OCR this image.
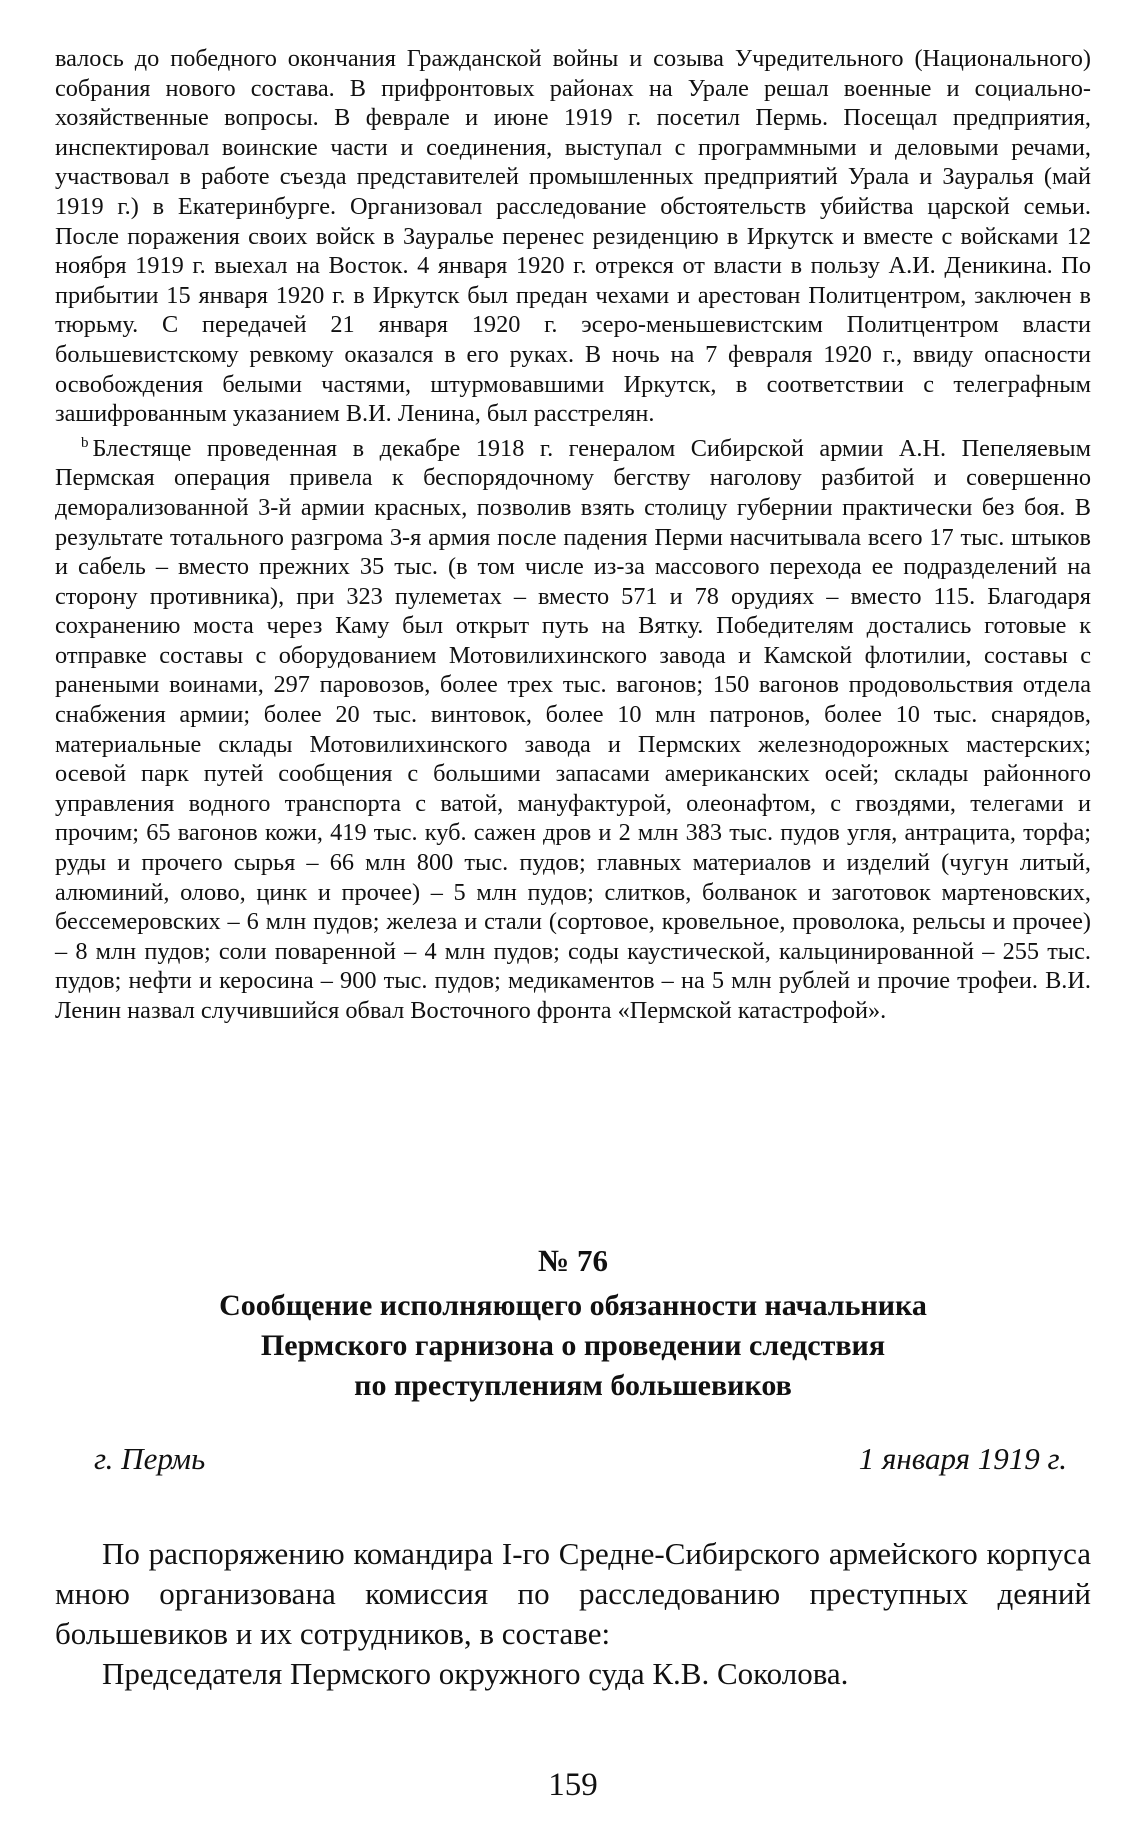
валось до победного окончания Гражданской войны и созыва Учредительного (Национального) собрания нового состава. В прифронтовых районах на Урале решал военные и социально-хозяйственные вопросы. В феврале и июне 1919 г. посетил Пермь. Посещал предприятия, инспектировал воинские части и соединения, выступал с программными и деловыми речами, участвовал в работе съезда представителей промышленных предприятий Урала и Зауралья (май 1919 г.) в Екатеринбурге. Организовал расследование обстоятельств убийства царской семьи. После поражения своих войск в Зауралье перенес резиденцию в Иркутск и вместе с войсками 12 ноября 1919 г. выехал на Восток. 4 января 1920 г. отрекся от власти в пользу А.И. Деникина. По прибытии 15 января 1920 г. в Иркутск был предан чехами и арестован Политцентром, заключен в тюрьму. С передачей 21 января 1920 г. эсеро-меньшевистским Политцентром власти большевистскому ревкому оказался в его руках. В ночь на 7 февраля 1920 г., ввиду опасности освобождения белыми частями, штурмовавшими Иркутск, в соответствии с телеграфным зашифрованным указанием В.И. Ленина, был расстрелян.

$^b$ Блестяще проведенная в декабре 1918 г. генералом Сибирской армии А.Н. Пепеляевым Пермская операция привела к беспорядочному бегству наголову разбитой и совершенно деморализованной 3-й армии красных, позволив взять столицу губернии практически без боя. В результате тотального разгрома 3-я армия после падения Перми насчитывала всего 17 тыс. штыков и сабель – вместо прежних 35 тыс. (в том числе из-за массового перехода ее подразделений на сторону противника), при 323 пулеметах – вместо 571 и 78 орудиях – вместо 115. Благодаря сохранению моста через Каму был открыт путь на Вятку. Победителям достались готовые к отправке составы с оборудованием Мотовилихинского завода и Камской флотилии, составы с ранеными воинами, 297 паровозов, более трех тыс. вагонов; 150 вагонов продовольствия отдела снабжения армии; более 20 тыс. винтовок, более 10 млн патронов, более 10 тыс. снарядов, материальные склады Мотовилихинского завода и Пермских железнодорожных мастерских; осевой парк путей сообщения с большими запасами американских осей; склады районного управления водного транспорта с ватой, мануфактурой, олеонафтом, с гвоздями, телегами и прочим; 65 вагонов кожи, 419 тыс. куб. сажен дров и 2 млн 383 тыс. пудов угля, антрацита, торфа; руды и прочего сырья – 66 млн 800 тыс. пудов; главных материалов и изделий (чугун литый, алюминий, олово, цинк и прочее) – 5 млн пудов; слитков, болванок и заготовок мартеновских, бессемеровских – 6 млн пудов; железа и стали (сортовое, кровельное, проволока, рельсы и прочее) – 8 млн пудов; соли поваренной – 4 млн пудов; соды каустической, кальцинированной – 255 тыс. пудов; нефти и керосина – 900 тыс. пудов; медикаментов – на 5 млн рублей и прочие трофеи. В.И. Ленин назвал случившийся обвал Восточного фронта «Пермской катастрофой».

№ 76
Сообщение исполняющего обязанности начальника
Пермского гарнизона о проведении следствия
по преступлениям большевиков
г. Пермь	1 января 1919 г.

По распоряжению командира I-го Средне-Сибирского армейского корпуса мною организована комиссия по расследованию преступных деяний большевиков и их сотрудников, в составе:

Председателя Пермского окружного суда К.В. Соколова.

159
